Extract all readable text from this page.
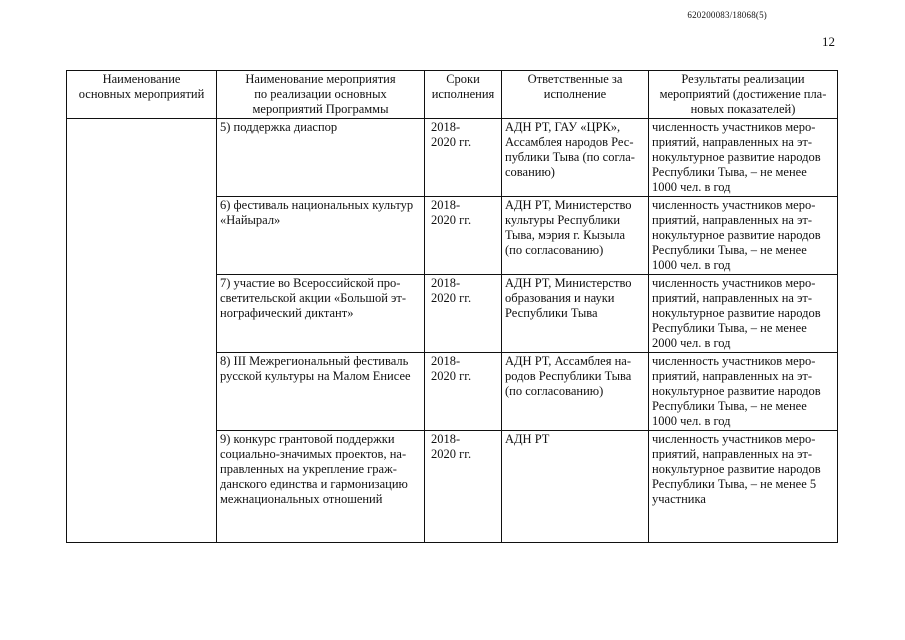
620200083/18068(5)
12
Наименование
основных мероприятий	Наименование мероприятия
по реализации основных
мероприятий Программы	Сроки
исполнения	Ответственные за
исполнение	Результаты реализации
мероприятий (достижение пла-
новых показателей)

	5) поддержка диаспор	2018-
2020 гг.	АДН РТ, ГАУ «ЦРК»,
Ассамблея народов Рес-
публики Тыва (по согла-
сованию)	численность участников меро-
приятий, направленных на эт-
нокультурное развитие народов
Республики Тыва, – не менее
1000 чел. в год

	6) фестиваль национальных культур
«Найырал»	2018-
2020 гг.	АДН РТ, Министерство
культуры Республики
Тыва, мэрия г. Кызыла
(по согласованию)	численность участников меро-
приятий, направленных на эт-
нокультурное развитие народов
Республики Тыва, – не менее
1000 чел. в год

	7) участие во Всероссийской про-
светительской акции «Большой эт-
нографический диктант»	2018-
2020 гг.	АДН РТ, Министерство
образования и науки
Республики Тыва	численность участников меро-
приятий, направленных на эт-
нокультурное развитие народов
Республики Тыва, – не менее
2000 чел. в год

	8) III Межрегиональный фестиваль
русской культуры на Малом Енисее	2018-
2020 гг.	АДН РТ, Ассамблея на-
родов Республики Тыва
(по согласованию)	численность участников меро-
приятий, направленных на эт-
нокультурное развитие народов
Республики Тыва, – не менее
1000 чел. в год

	9) конкурс грантовой поддержки
социально-значимых проектов, на-
правленных на укрепление граж-
данского единства и гармонизацию
межнациональных отношений	2018-
2020 гг.	АДН РТ	численность участников меро-
приятий, направленных на эт-
нокультурное развитие народов
Республики Тыва, – не менее 5
участника
